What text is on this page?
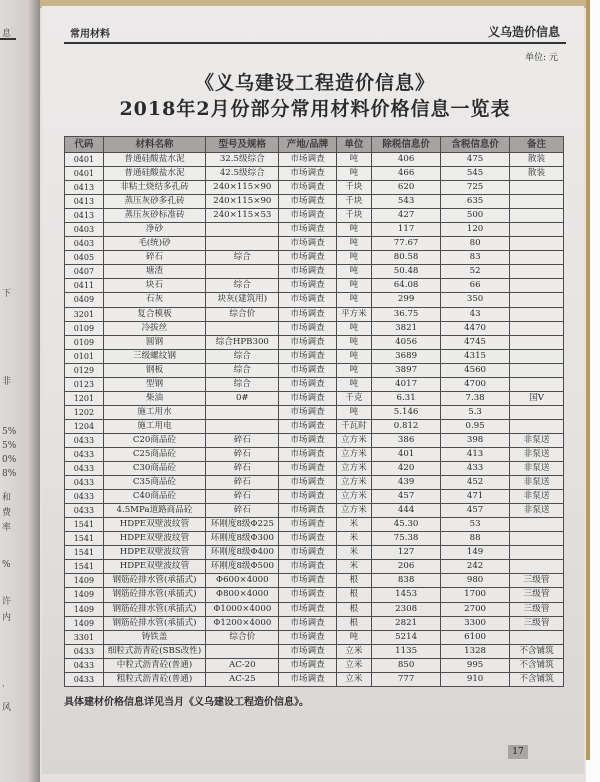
息
下
非
5%
5%
0%
8%
和
费
率
%
许
内
·
风
常用材料	义乌造价信息
单位: 元
《义乌建设工程造价信息》
2018年2月份部分常用材料价格信息一览表
代码	材料名称	型号及规格	产地/品牌	单位	除税信息价	含税信息价	备注
0401	普通硅酸盐水泥	32.5级综合	市场调查	吨	406	475	散装
0401	普通硅酸盐水泥	42.5级综合	市场调查	吨	466	545	散装
0413	非粘土烧结多孔砖	240×115×90	市场调查	千块	620	725	
0413	蒸压灰砂多孔砖	240×115×90	市场调查	千块	543	635	
0413	蒸压灰砂标准砖	240×115×53	市场调查	千块	427	500	
0403	净砂		市场调查	吨	117	120	
0403	毛(统)砂		市场调查	吨	77.67	80	
0405	碎石	综合	市场调查	吨	80.58	83	
0407	塘渣		市场调查	吨	50.48	52	
0411	块石	综合	市场调查	吨	64.08	66	
0409	石灰	块灰(建筑用)	市场调查	吨	299	350	
3201	复合模板	综合价	市场调查	平方米	36.75	43	
0109	冷拔丝		市场调查	吨	3821	4470	
0109	圆钢	综合HPB300	市场调查	吨	4056	4745	
0101	三级螺纹钢	综合	市场调查	吨	3689	4315	
0129	钢板	综合	市场调查	吨	3897	4560	
0123	型钢	综合	市场调查	吨	4017	4700	
1201	柴油	0#	市场调查	千克	6.31	7.38	国V
1202	施工用水		市场调查	吨	5.146	5.3	
1204	施工用电		市场调查	千瓦时	0.812	0.95	
0433	C20商品砼	碎石	市场调查	立方米	386	398	非泵送
0433	C25商品砼	碎石	市场调查	立方米	401	413	非泵送
0433	C30商品砼	碎石	市场调查	立方米	420	433	非泵送
0433	C35商品砼	碎石	市场调查	立方米	439	452	非泵送
0433	C40商品砼	碎石	市场调查	立方米	457	471	非泵送
0433	4.5MPa道路商品砼	碎石	市场调查	立方米	444	457	非泵送
1541	HDPE双壁波纹管	环刚度8级Φ225	市场调查	米	45.30	53	
1541	HDPE双壁波纹管	环刚度8级Φ300	市场调查	米	75.38	88	
1541	HDPE双壁波纹管	环刚度8级Φ400	市场调查	米	127	149	
1541	HDPE双壁波纹管	环刚度8级Φ500	市场调查	米	206	242	
1409	钢筋砼排水管(承插式)	Φ600×4000	市场调查	根	838	980	三级管
1409	钢筋砼排水管(承插式)	Φ800×4000	市场调查	根	1453	1700	三级管
1409	钢筋砼排水管(承插式)	Φ1000×4000	市场调查	根	2308	2700	三级管
1409	钢筋砼排水管(承插式)	Φ1200×4000	市场调查	根	2821	3300	三级管
3301	铸铁盖	综合价	市场调查	吨	5214	6100	
0433	细粒式沥青砼(SBS改性)		市场调查	立米	1135	1328	不含铺筑
0433	中粒式沥青砼(普通)	AC-20	市场调查	立米	850	995	不含铺筑
0433	粗粒式沥青砼(普通)	AC-25	市场调查	立米	777	910	不含铺筑
具体建材价格信息详见当月《义乌建设工程造价信息》。
17
